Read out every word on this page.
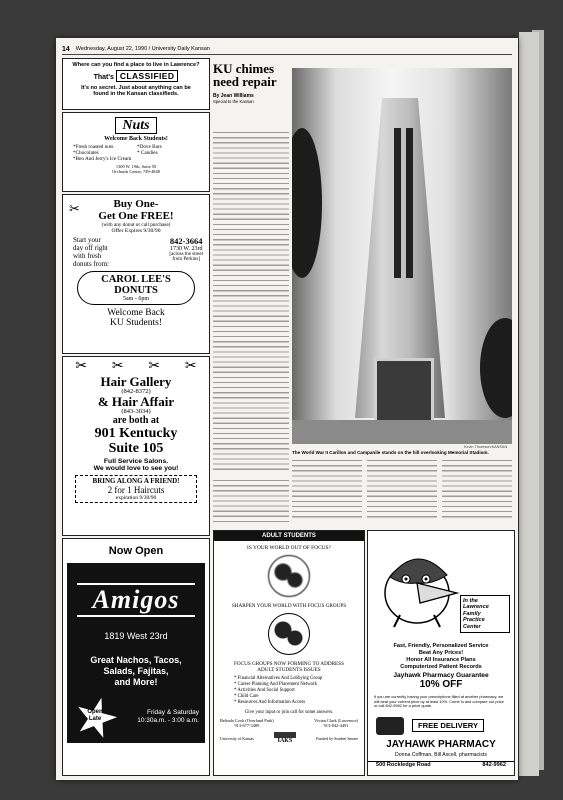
14 Wednesday, August 22, 1990 / University Daily Kansan
Where can you find a place to live in Lawrence?
That's CLASSIFIED
It's no secret. Just about anything can be
found in the Kansan classifieds.
Nuts
Welcome Back Students!
*Fresh roasted nuts	*Dove Bars
*Chocolates	* Candies
*Ben And Jerry's Ice Cream
1300 W. 19th, Suite 50
Orchards Center, 749-4848
✂	Buy One-
Get One FREE!
(with any donut or call purchase)
Offer Expires 9/30/90
Start your
day off right
with fresh
donuts from:
842-3664
1730 W. 23rd
[across the street
from Perkins]
CAROL LEE'S
DONUTS
5am - 6pm
Welcome Back
KU Students!
✂ ✂ ✂ ✂
Hair Gallery
(842-8372)
& Hair Affair
(843-3034)
are both at
901 Kentucky
Suite 105
Full Service Salons.
We would love to see you!
BRING ALONG A FRIEND!
2 for 1 Haircuts
expiration 9/30/90
Now Open
Amigos
1819 West 23rd
Great Nachos, Tacos,
Salads, Fajitas,
and More!
Open
Late
Friday & Saturday
10:30a.m. - 3:00 a.m.
KU chimes
need repair
By Jean Williams
Special to the Kansan
Kevin Thoreson/KANSAN
The World War II Carillon and Campanile stands on the hill overlooking Memorial Stadium.
ADULT STUDENTS
IS YOUR WORLD OUT OF FOCUS?
SHARPEN YOUR WORLD WITH FOCUS GROUPS
FOCUS GROUPS NOW FORMING TO ADDRESS
ADULT STUDENTS ISSUES
* Financial Alternatives And Lobbying Group
* Career Planning And Placement Network
* Activities And Social Support
* Child Care
* Resources And Information Access
Give your input or join call for some answers.
Belinda Cook (Overland Park)
913-677-3489
Vivian Clark (Lawrence)
913-842-4491
University of Kansas	IAKS	Funded by Student Senate
In the
Lawrence
Family
Practice
Center
Fast, Friendly, Personalized Service
Beat Any Prices!
Honor All Insurance Plans
Computerized Patient Records
Jayhawk Pharmacy Guarantee
10% OFF
If you are currently having your prescriptions filled at another pharmacy, we will beat your current price by at least 10%. Come in and compare our price or call 842-9962 for a price quote.
FREE DELIVERY
JAYHAWK PHARMACY
Donna Coffman, Bill Axcell, pharmacists
500 Rockledge Road	842-9962
